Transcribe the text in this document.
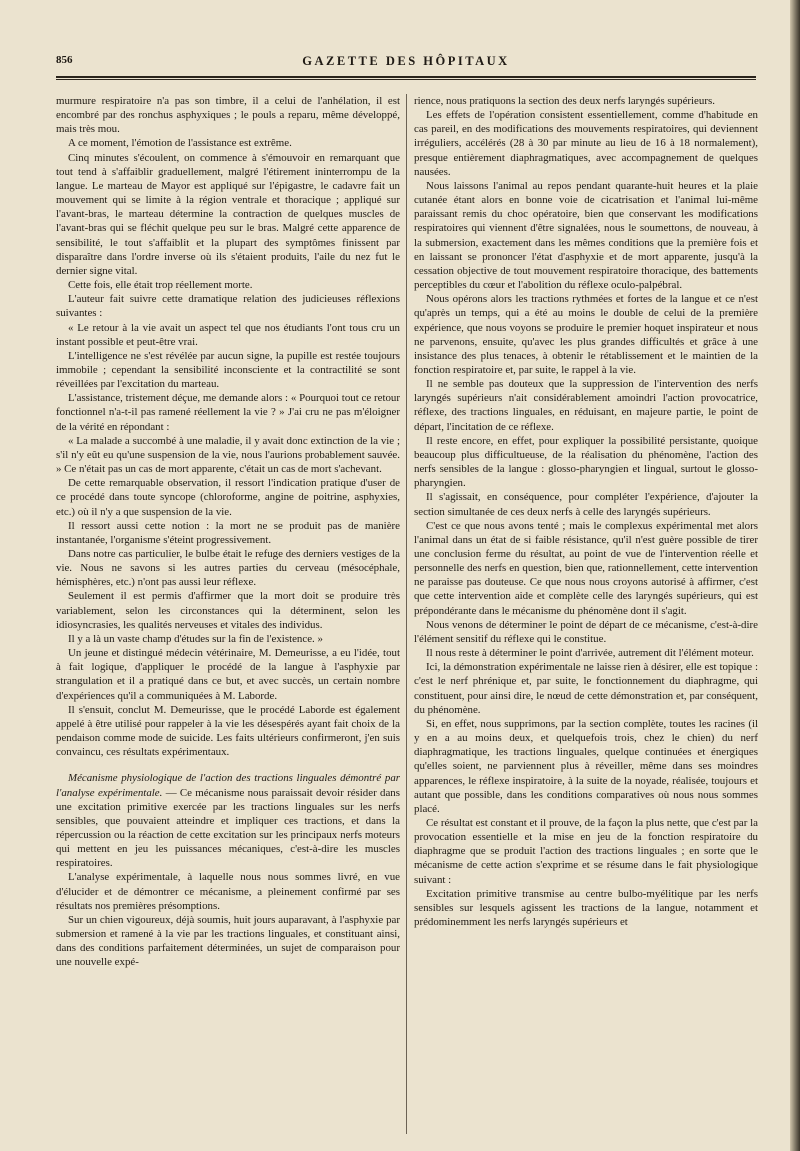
856	GAZETTE DES HÔPITAUX

murmure respiratoire n'a pas son timbre, il a celui de l'anhélation, il est encombré par des ronchus asphyxiques ; le pouls a reparu, même développé, mais très mou.

A ce moment, l'émotion de l'assistance est extrême.

Cinq minutes s'écoulent, on commence à s'émouvoir en remarquant que tout tend à s'affaiblir graduellement, malgré l'étirement ininterrompu de la langue. Le marteau de Mayor est appliqué sur l'épigastre, le cadavre fait un mouvement qui se limite à la région ventrale et thoracique ; appliqué sur l'avant-bras, le marteau détermine la contraction de quelques muscles de l'avant-bras qui se fléchit quelque peu sur le bras. Malgré cette apparence de sensibilité, le tout s'affaiblit et la plupart des symptômes finissent par disparaître dans l'ordre inverse où ils s'étaient produits, l'aile du nez fut le dernier signe vital.

Cette fois, elle était trop réellement morte.

L'auteur fait suivre cette dramatique relation des judicieuses réflexions suivantes :

« Le retour à la vie avait un aspect tel que nos étudiants l'ont tous cru un instant possible et peut-être vrai.

L'intelligence ne s'est révélée par aucun signe, la pupille est restée toujours immobile ; cependant la sensibilité inconsciente et la contractilité se sont réveillées par l'excitation du marteau.

L'assistance, tristement déçue, me demande alors : « Pourquoi tout ce retour fonctionnel n'a-t-il pas ramené réellement la vie ? » J'ai cru ne pas m'éloigner de la vérité en répondant :

« La malade a succombé à une maladie, il y avait donc extinction de la vie ; s'il n'y eût eu qu'une suspension de la vie, nous l'aurions probablement sauvée. » Ce n'était pas un cas de mort apparente, c'était un cas de mort s'achevant.

De cette remarquable observation, il ressort l'indication pratique d'user de ce procédé dans toute syncope (chloroforme, angine de poitrine, asphyxies, etc.) où il n'y a que suspension de la vie.

Il ressort aussi cette notion : la mort ne se produit pas de manière instantanée, l'organisme s'éteint progressivement.

Dans notre cas particulier, le bulbe était le refuge des derniers vestiges de la vie. Nous ne savons si les autres parties du cerveau (mésocéphale, hémisphères, etc.) n'ont pas aussi leur réflexe.

Seulement il est permis d'affirmer que la mort doit se produire très variablement, selon les circonstances qui la déterminent, selon les idiosyncrasies, les qualités nerveuses et vitales des individus.

Il y a là un vaste champ d'études sur la fin de l'existence. »

Un jeune et distingué médecin vétérinaire, M. Demeurisse, a eu l'idée, tout à fait logique, d'appliquer le procédé de la langue à l'asphyxie par strangulation et il a pratiqué dans ce but, et avec succès, un certain nombre d'expériences qu'il a communiquées à M. Laborde.

Il s'ensuit, conclut M. Demeurisse, que le procédé Laborde est également appelé à être utilisé pour rappeler à la vie les désespérés ayant fait choix de la pendaison comme mode de suicide. Les faits ultérieurs confirmeront, j'en suis convaincu, ces résultats expérimentaux.

Mécanisme physiologique de l'action des tractions linguales démontré par l'analyse expérimentale. — Ce mécanisme nous paraissait devoir résider dans une excitation primitive exercée par les tractions linguales sur les nerfs sensibles, que pouvaient atteindre et impliquer ces tractions, et dans la répercussion ou la réaction de cette excitation sur les principaux nerfs moteurs qui mettent en jeu les puissances mécaniques, c'est-à-dire les muscles respiratoires.

L'analyse expérimentale, à laquelle nous nous sommes livré, en vue d'élucider et de démontrer ce mécanisme, a pleinement confirmé par ses résultats nos premières présomptions.

Sur un chien vigoureux, déjà soumis, huit jours auparavant, à l'asphyxie par submersion et ramené à la vie par les tractions linguales, et constituant ainsi, dans des conditions parfaitement déterminées, un sujet de comparaison pour une nouvelle expé-

rience, nous pratiquons la section des deux nerfs laryngés supérieurs.

Les effets de l'opération consistent essentiellement, comme d'habitude en cas pareil, en des modifications des mouvements respiratoires, qui deviennent irréguliers, accélérés (28 à 30 par minute au lieu de 16 à 18 normalement), presque entièrement diaphragmatiques, avec accompagnement de quelques nausées.

Nous laissons l'animal au repos pendant quarante-huit heures et la plaie cutanée étant alors en bonne voie de cicatrisation et l'animal lui-même paraissant remis du choc opératoire, bien que conservant les modifications respiratoires qui viennent d'être signalées, nous le soumettons, de nouveau, à la submersion, exactement dans les mêmes conditions que la première fois et en laissant se prononcer l'état d'asphyxie et de mort apparente, jusqu'à la cessation objective de tout mouvement respiratoire thoracique, des battements perceptibles du cœur et l'abolition du réflexe oculo-palpébral.

Nous opérons alors les tractions rythmées et fortes de la langue et ce n'est qu'après un temps, qui a été au moins le double de celui de la première expérience, que nous voyons se produire le premier hoquet inspirateur et nous ne parvenons, ensuite, qu'avec les plus grandes difficultés et grâce à une insistance des plus tenaces, à obtenir le rétablissement et le maintien de la fonction respiratoire et, par suite, le rappel à la vie.

Il ne semble pas douteux que la suppression de l'intervention des nerfs laryngés supérieurs n'ait considérablement amoindri l'action provocatrice, réflexe, des tractions linguales, en réduisant, en majeure partie, le point de départ, l'incitation de ce réflexe.

Il reste encore, en effet, pour expliquer la possibilité persistante, quoique beaucoup plus difficultueuse, de la réalisation du phénomène, l'action des nerfs sensibles de la langue : glosso-pharyngien et lingual, surtout le glosso-pharyngien.

Il s'agissait, en conséquence, pour compléter l'expérience, d'ajouter la section simultanée de ces deux nerfs à celle des laryngés supérieurs.

C'est ce que nous avons tenté ; mais le complexus expérimental met alors l'animal dans un état de si faible résistance, qu'il n'est guère possible de tirer une conclusion ferme du résultat, au point de vue de l'intervention réelle et personnelle des nerfs en question, bien que, rationnellement, cette intervention ne paraisse pas douteuse. Ce que nous nous croyons autorisé à affirmer, c'est que cette intervention aide et complète celle des laryngés supérieurs, qui est prépondérante dans le mécanisme du phénomène dont il s'agit.

Nous venons de déterminer le point de départ de ce mécanisme, c'est-à-dire l'élément sensitif du réflexe qui le constitue.

Il nous reste à déterminer le point d'arrivée, autrement dit l'élément moteur.

Ici, la démonstration expérimentale ne laisse rien à désirer, elle est topique : c'est le nerf phrénique et, par suite, le fonctionnement du diaphragme, qui constituent, pour ainsi dire, le nœud de cette démonstration et, par conséquent, du phénomène.

Si, en effet, nous supprimons, par la section complète, toutes les racines (il y en a au moins deux, et quelquefois trois, chez le chien) du nerf diaphragmatique, les tractions linguales, quelque continuées et énergiques qu'elles soient, ne parviennent plus à réveiller, même dans ses moindres apparences, le réflexe inspiratoire, à la suite de la noyade, réalisée, toujours et autant que possible, dans les conditions comparatives où nous nous sommes placé.

Ce résultat est constant et il prouve, de la façon la plus nette, que c'est par la provocation essentielle et la mise en jeu de la fonction respiratoire du diaphragme que se produit l'action des tractions linguales ; en sorte que le mécanisme de cette action s'exprime et se résume dans le fait physiologique suivant :

Excitation primitive transmise au centre bulbo-myélitique par les nerfs sensibles sur lesquels agissent les tractions de la langue, notamment et prédominemment les nerfs laryngés supérieurs et
